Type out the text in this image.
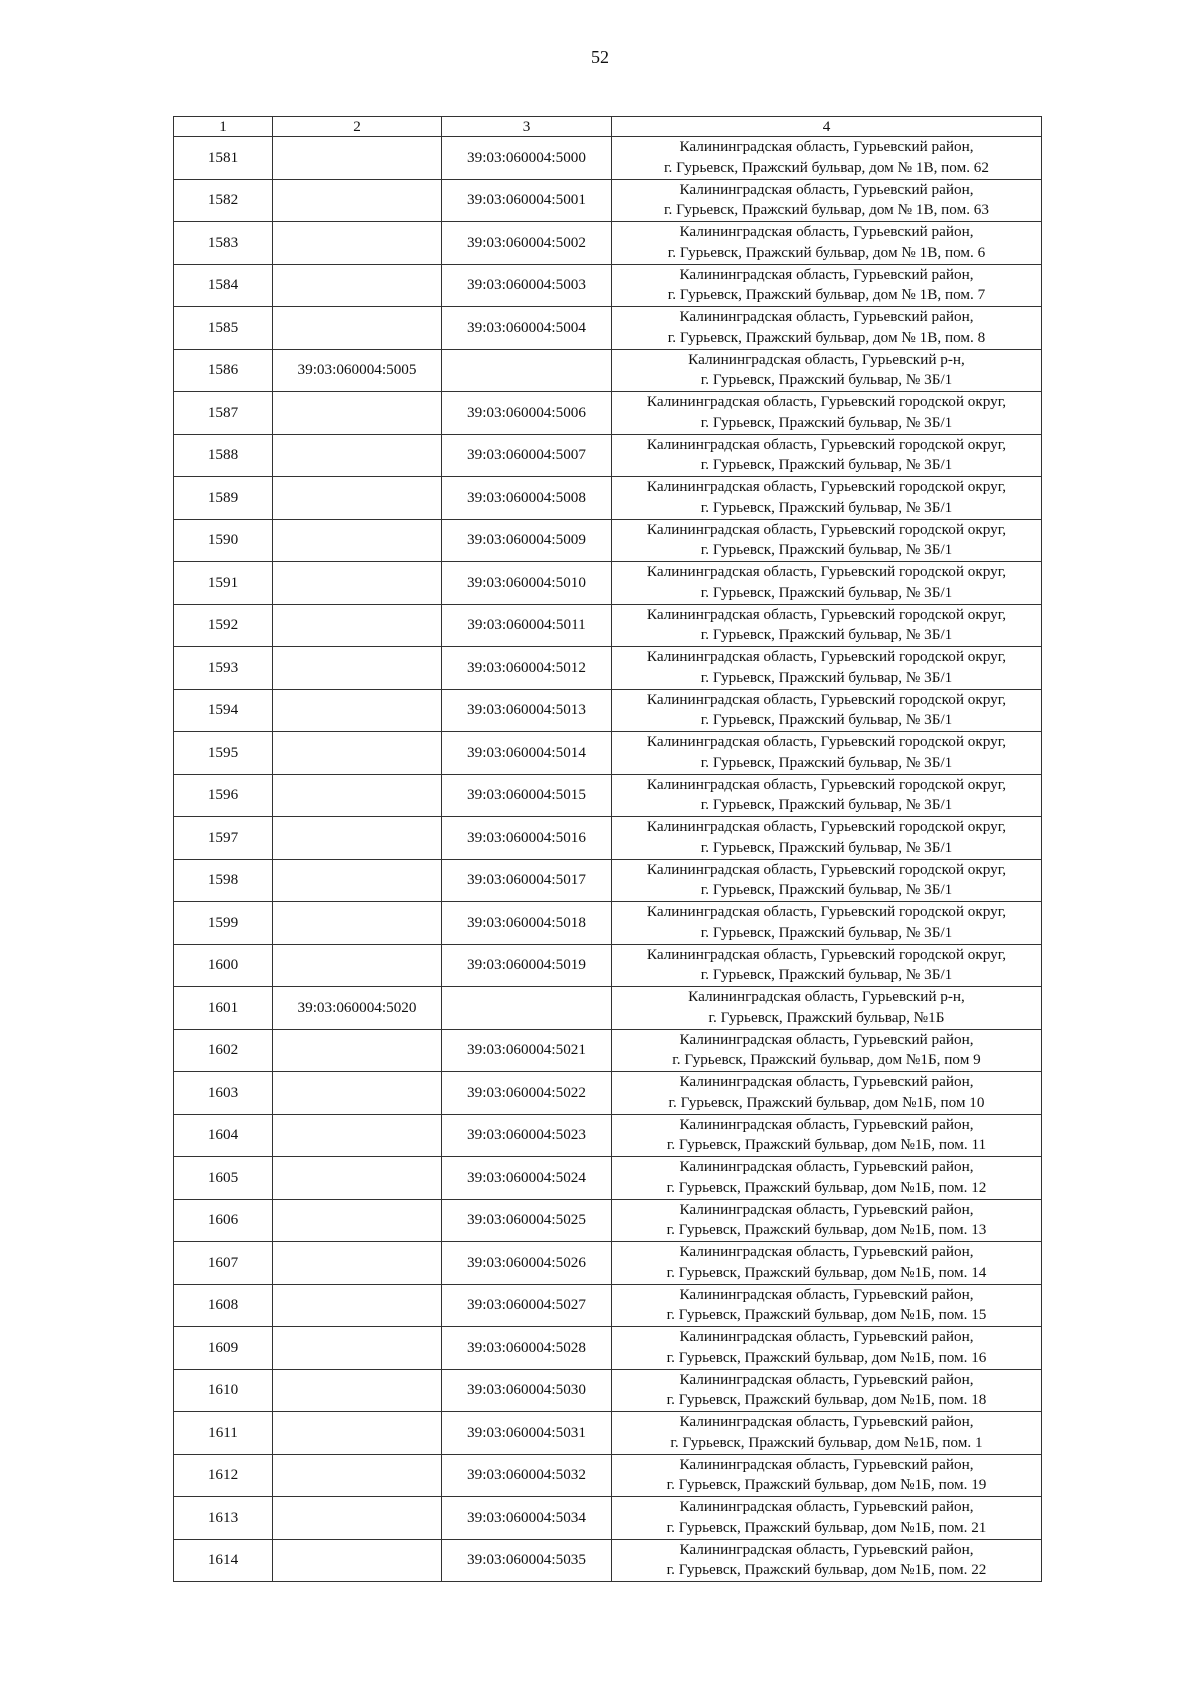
52
1	2	3	4
1581		39:03:060004:5000	Калининградская область, Гурьевский район,
г. Гурьевск, Пражский бульвар, дом № 1В, пом. 62

1582		39:03:060004:5001	Калининградская область, Гурьевский район,
г. Гурьевск, Пражский бульвар, дом № 1В, пом. 63

1583		39:03:060004:5002	Калининградская область, Гурьевский район,
г. Гурьевск, Пражский бульвар, дом № 1В, пом. 6

1584		39:03:060004:5003	Калининградская область, Гурьевский район,
г. Гурьевск, Пражский бульвар, дом № 1В, пом. 7

1585		39:03:060004:5004	Калининградская область, Гурьевский район,
г. Гурьевск, Пражский бульвар, дом № 1В, пом. 8

1586	39:03:060004:5005		Калининградская область, Гурьевский р-н,
г. Гурьевск, Пражский бульвар, № 3Б/1

1587		39:03:060004:5006	Калининградская область, Гурьевский городской округ,
г. Гурьевск, Пражский бульвар, № 3Б/1

1588		39:03:060004:5007	Калининградская область, Гурьевский городской округ,
г. Гурьевск, Пражский бульвар, № 3Б/1

1589		39:03:060004:5008	Калининградская область, Гурьевский городской округ,
г. Гурьевск, Пражский бульвар, № 3Б/1

1590		39:03:060004:5009	Калининградская область, Гурьевский городской округ,
г. Гурьевск, Пражский бульвар, № 3Б/1

1591		39:03:060004:5010	Калининградская область, Гурьевский городской округ,
г. Гурьевск, Пражский бульвар, № 3Б/1

1592		39:03:060004:5011	Калининградская область, Гурьевский городской округ,
г. Гурьевск, Пражский бульвар, № 3Б/1

1593		39:03:060004:5012	Калининградская область, Гурьевский городской округ,
г. Гурьевск, Пражский бульвар, № 3Б/1

1594		39:03:060004:5013	Калининградская область, Гурьевский городской округ,
г. Гурьевск, Пражский бульвар, № 3Б/1

1595		39:03:060004:5014	Калининградская область, Гурьевский городской округ,
г. Гурьевск, Пражский бульвар, № 3Б/1

1596		39:03:060004:5015	Калининградская область, Гурьевский городской округ,
г. Гурьевск, Пражский бульвар, № 3Б/1

1597		39:03:060004:5016	Калининградская область, Гурьевский городской округ,
г. Гурьевск, Пражский бульвар, № 3Б/1

1598		39:03:060004:5017	Калининградская область, Гурьевский городской округ,
г. Гурьевск, Пражский бульвар, № 3Б/1

1599		39:03:060004:5018	Калининградская область, Гурьевский городской округ,
г. Гурьевск, Пражский бульвар, № 3Б/1

1600		39:03:060004:5019	Калининградская область, Гурьевский городской округ,
г. Гурьевск, Пражский бульвар, № 3Б/1

1601	39:03:060004:5020		Калининградская область, Гурьевский р-н,
г. Гурьевск, Пражский бульвар, №1Б

1602		39:03:060004:5021	Калининградская область, Гурьевский район,
г. Гурьевск, Пражский бульвар, дом №1Б, пом 9

1603		39:03:060004:5022	Калининградская область, Гурьевский район,
г. Гурьевск, Пражский бульвар, дом №1Б, пом 10

1604		39:03:060004:5023	Калининградская область, Гурьевский район,
г. Гурьевск, Пражский бульвар, дом №1Б, пом. 11

1605		39:03:060004:5024	Калининградская область, Гурьевский район,
г. Гурьевск, Пражский бульвар, дом №1Б, пом. 12

1606		39:03:060004:5025	Калининградская область, Гурьевский район,
г. Гурьевск, Пражский бульвар, дом №1Б, пом. 13

1607		39:03:060004:5026	Калининградская область, Гурьевский район,
г. Гурьевск, Пражский бульвар, дом №1Б, пом. 14

1608		39:03:060004:5027	Калининградская область, Гурьевский район,
г. Гурьевск, Пражский бульвар, дом №1Б, пом. 15

1609		39:03:060004:5028	Калининградская область, Гурьевский район,
г. Гурьевск, Пражский бульвар, дом №1Б, пом. 16

1610		39:03:060004:5030	Калининградская область, Гурьевский район,
г. Гурьевск, Пражский бульвар, дом №1Б, пом. 18

1611		39:03:060004:5031	Калининградская область, Гурьевский район,
г. Гурьевск, Пражский бульвар, дом №1Б, пом. 1

1612		39:03:060004:5032	Калининградская область, Гурьевский район,
г. Гурьевск, Пражский бульвар, дом №1Б, пом. 19

1613		39:03:060004:5034	Калининградская область, Гурьевский район,
г. Гурьевск, Пражский бульвар, дом №1Б, пом. 21

1614		39:03:060004:5035	Калининградская область, Гурьевский район,
г. Гурьевск, Пражский бульвар, дом №1Б, пом. 22
